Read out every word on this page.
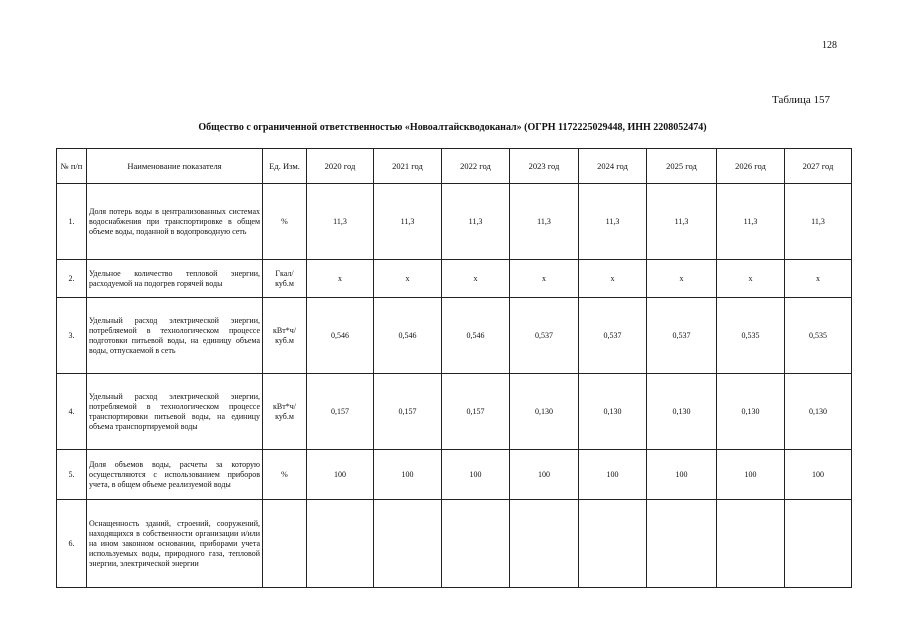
128
Таблица 157
Общество с ограниченной ответственностью «Новоалтайскводоканал» (ОГРН 1172225029448, ИНН 2208052474)
№ п/п	Наименование показателя	Ед. Изм.	2020 год	2021 год	2022 год	2023 год	2024 год	2025 год	2026 год	2027 год
1.	Доля потерь воды в централизованных системах водоснабжения при транспортировке в общем объеме воды, поданной в водопроводную сеть	%	11,3	11,3	11,3	11,3	11,3	11,3	11,3	11,3
2.	Удельное количество тепловой энергии, расходуемой на подогрев горячей воды	Гкал/ куб.м	x	x	x	x	x	x	x	x
3.	Удельный расход электрической энергии, потребляемой в технологическом процессе подготовки питьевой воды, на единицу объема воды, отпускаемой в сеть	кВт*ч/ куб.м	0,546	0,546	0,546	0,537	0,537	0,537	0,535	0,535
4.	Удельный расход электрической энергии, потребляемой в технологическом процессе транспортировки питьевой воды, на единицу объема транспортируемой воды	кВт*ч/ куб.м	0,157	0,157	0,157	0,130	0,130	0,130	0,130	0,130
5.	Доля объемов воды, расчеты за которую осуществляются с использованием приборов учета, в общем объеме реализуемой воды	%	100	100	100	100	100	100	100	100
6.	Оснащенность зданий, строений, сооружений, находящихся в собственности организации и/или на ином законном основании, приборами учета используемых воды, природного газа, тепловой энергии, электрической энергии									
